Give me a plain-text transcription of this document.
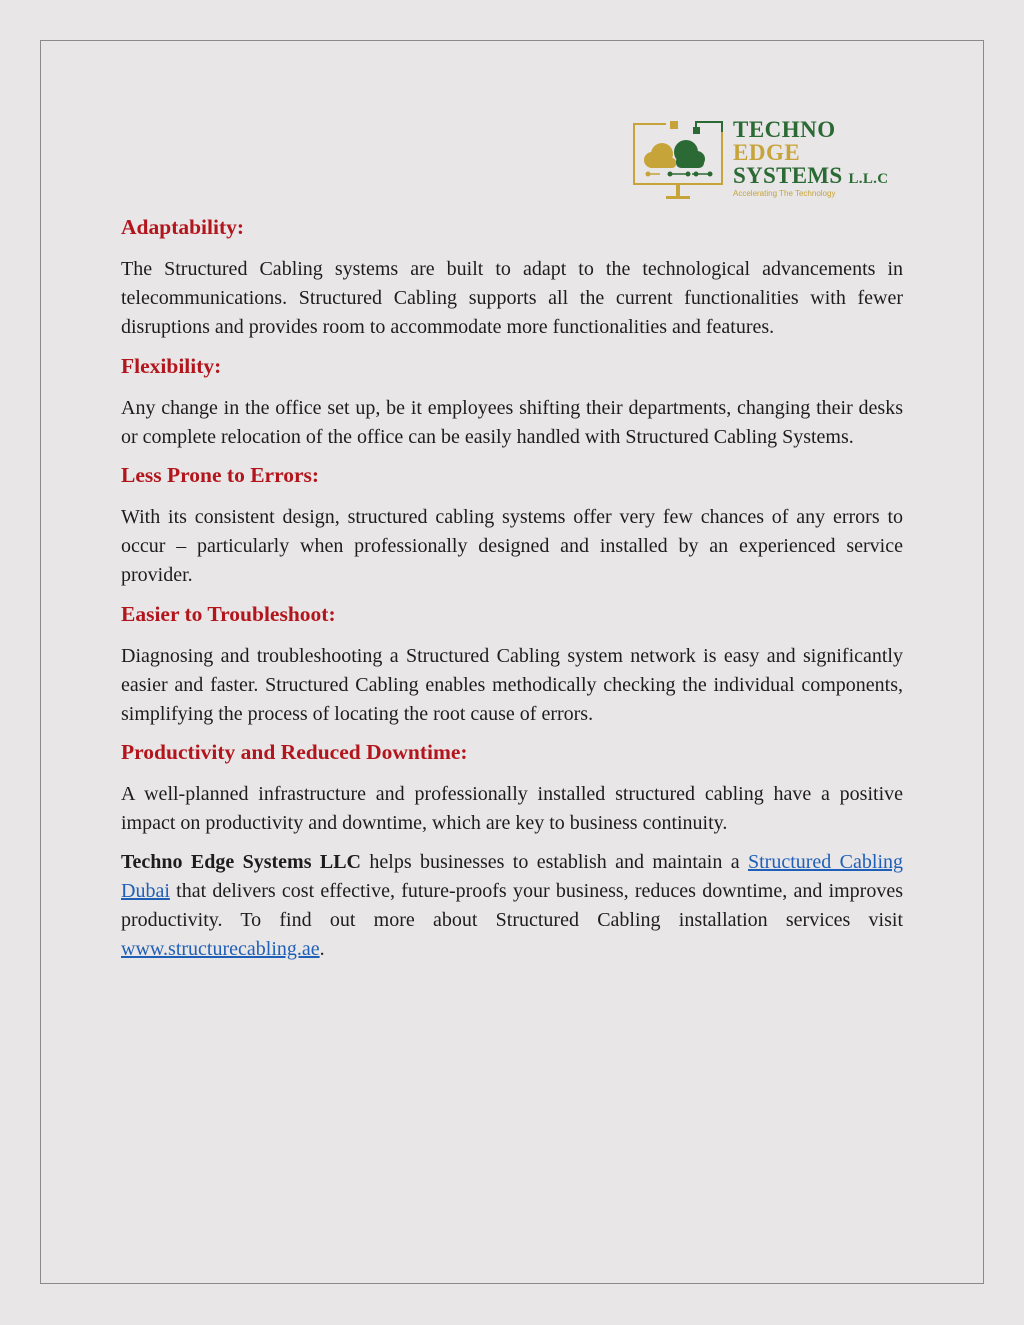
TECHNO
EDGE
SYSTEMS L.L.C
Accelerating The Technology
Adaptability:

The Structured Cabling systems are built to adapt to the technological advancements in telecommunications. Structured Cabling supports all the current functionalities with fewer disruptions and provides room to accommodate more functionalities and features.

Flexibility:

Any change in the office set up, be it employees shifting their departments, changing their desks or complete relocation of the office can be easily handled with Structured Cabling Systems.

Less Prone to Errors:

With its consistent design, structured cabling systems offer very few chances of any errors to occur – particularly when professionally designed and installed by an experienced service provider.

Easier to Troubleshoot:

Diagnosing and troubleshooting a Structured Cabling system network is easy and significantly easier and faster. Structured Cabling enables methodically checking the individual components, simplifying the process of locating the root cause of errors.

Productivity and Reduced Downtime:

A well-planned infrastructure and professionally installed structured cabling have a positive impact on productivity and downtime, which are key to business continuity.

Techno Edge Systems LLC helps businesses to establish and maintain a Structured Cabling Dubai that delivers cost effective, future-proofs your business, reduces downtime, and improves productivity. To find out more about Structured Cabling installation services visit www.structurecabling.ae.
